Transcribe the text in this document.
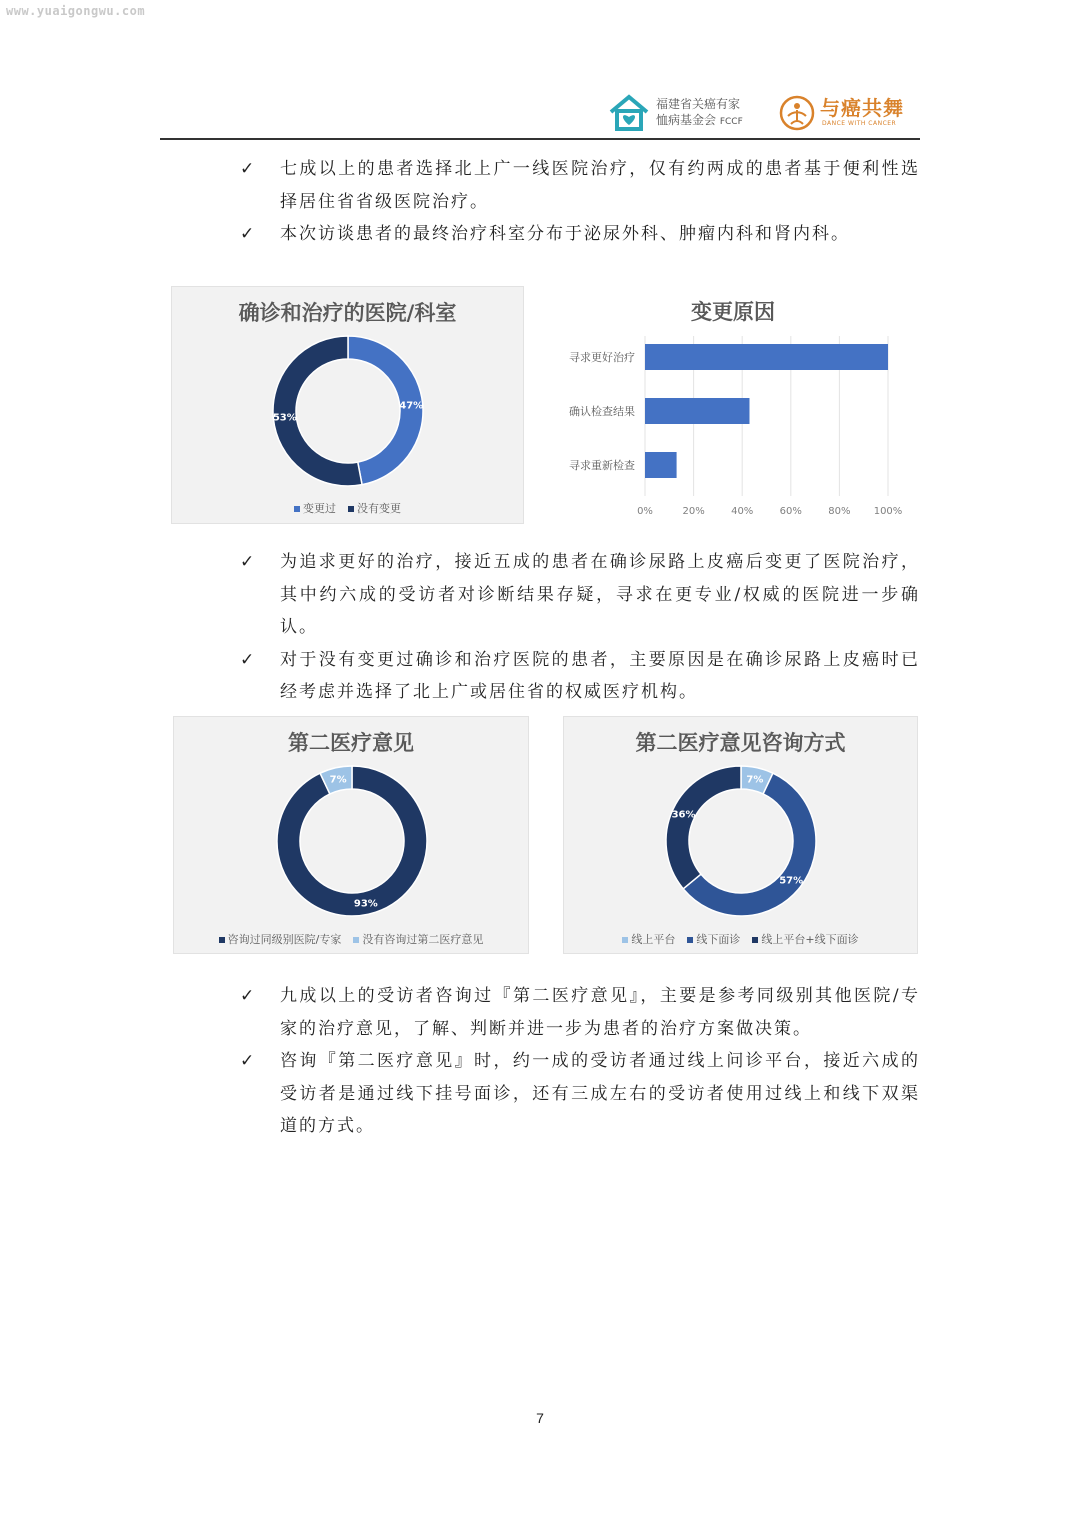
www.yuaigongwu.com
福建省关癌有家
恤病基金会 FCCF
与癌共舞
DANCE WITH CANCER
✓ 七成以上的患者选择北上广一线医院治疗，仅有约两成的患者基于便利性选择居住省省级医院治疗。
✓ 本次访谈患者的最终治疗科室分布于泌尿外科、肿瘤内科和肾内科。
确诊和治疗的医院/科室
47%
53%
变更过 没有变更
变更原因
0%	20%	40%	60%	80% 100%
寻求更好治疗
确认检查结果
寻求重新检查
✓ 为追求更好的治疗，接近五成的患者在确诊尿路上皮癌后变更了医院治疗，其中约六成的受访者对诊断结果存疑，寻求在更专业/权威的医院进一步确认。
✓ 对于没有变更过确诊和治疗医院的患者，主要原因是在确诊尿路上皮癌时已经考虑并选择了北上广或居住省的权威医疗机构。
第二医疗意见
93%
7%
咨询过同级别医院/专家 没有咨询过第二医疗意见
第二医疗意见咨询方式
7%
57%
36%
线上平台 线下面诊 线上平台+线下面诊
✓ 九成以上的受访者咨询过『第二医疗意见』，主要是参考同级别其他医院/专家的治疗意见，了解、判断并进一步为患者的治疗方案做决策。
✓ 咨询『第二医疗意见』时，约一成的受访者通过线上问诊平台，接近六成的受访者是通过线下挂号面诊，还有三成左右的受访者使用过线上和线下双渠道的方式。
7
